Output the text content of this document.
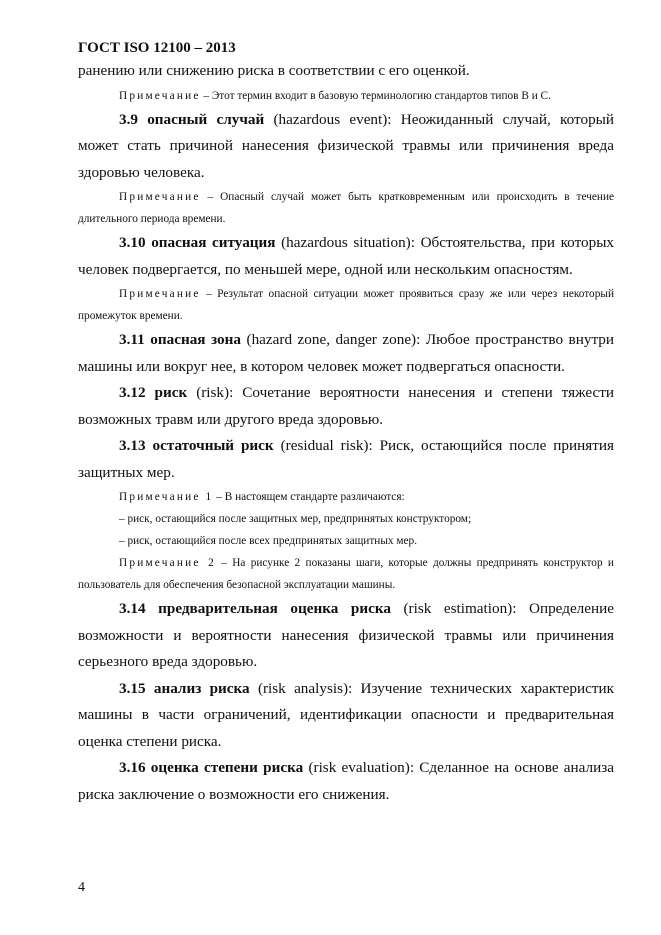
ГОСТ ISO 12100 – 2013

ранению или снижению риска в соответствии с его оценкой.

Примечание – Этот термин входит в базовую терминологию стандартов типов B и C.

3.9 опасный случай (hazardous event): Неожиданный случай, который может стать причиной нанесения физической травмы или причинения вреда здоровью человека.

Примечание – Опасный случай может быть кратковременным или происходить в течение длительного периода времени.

3.10 опасная ситуация (hazardous situation): Обстоятельства, при которых человек подвергается, по меньшей мере, одной или нескольким опасностям.

Примечание – Результат опасной ситуации может проявиться сразу же или через некоторый промежуток времени.

3.11 опасная зона (hazard zone, danger zone): Любое пространство внутри машины или вокруг нее, в котором человек может подвергаться опасности.

3.12 риск (risk): Сочетание вероятности нанесения и степени тяжести возможных травм или другого вреда здоровью.

3.13 остаточный риск (residual risk): Риск, остающийся после принятия защитных мер.

Примечание 1 – В настоящем стандарте различаются:

– риск, остающийся после защитных мер, предпринятых конструктором;

– риск, остающийся после всех предпринятых защитных мер.

Примечание 2 – На рисунке 2 показаны шаги, которые должны предпринять конструктор и пользователь для обеспечения безопасной эксплуатации машины.

3.14 предварительная оценка риска (risk estimation): Определение возможности и вероятности нанесения физической травмы или причинения серьезного вреда здоровью.

3.15 анализ риска (risk analysis): Изучение технических характеристик машины в части ограничений, идентификации опасности и предварительная оценка степени риска.

3.16 оценка степени риска (risk evaluation): Сделанное на основе анализа риска заключение о возможности его снижения.

4
